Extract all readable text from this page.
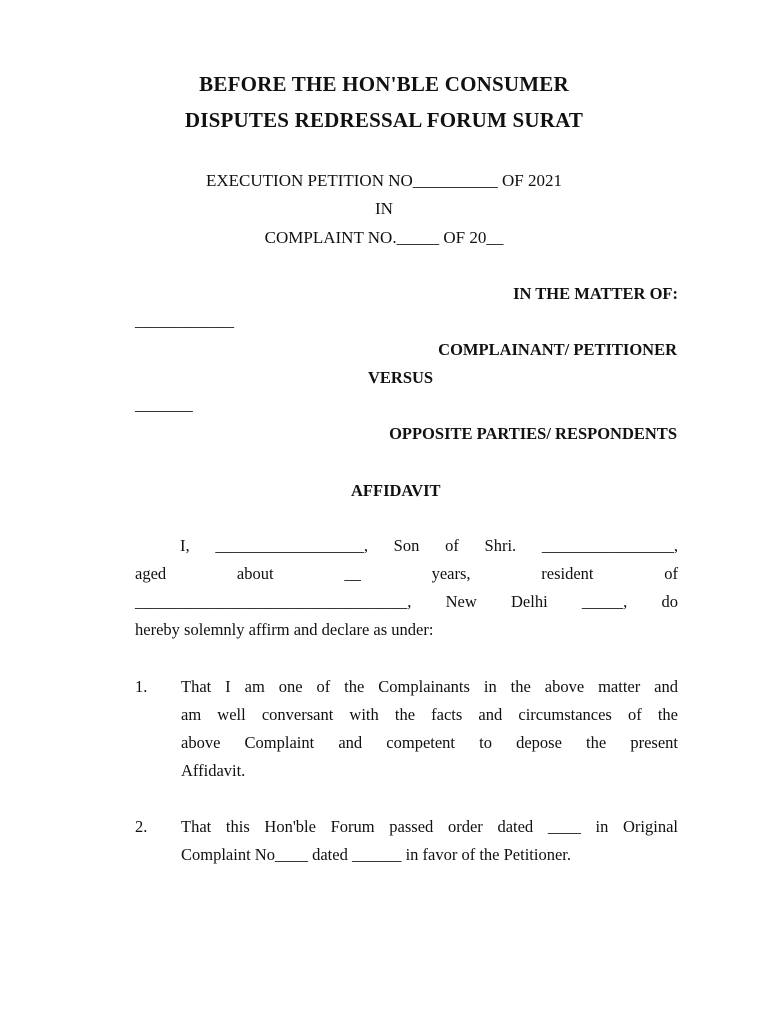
BEFORE THE HON'BLE CONSUMER
DISPUTES REDRESSAL FORUM SURAT
EXECUTION PETITION NO__________ OF 2021
IN
COMPLAINT NO._____ OF 20__
IN THE MATTER OF:
____________
COMPLAINANT/ PETITIONER
VERSUS
_______
OPPOSITE PARTIES/ RESPONDENTS
AFFIDAVIT
I, __________________, Son of Shri. ________________,
aged about __ years, resident of
_________________________________, New Delhi _____, do
hereby solemnly affirm and declare as under:
1. That I am one of the Complainants in the above matter and
am well conversant with the facts and circumstances of the
above Complaint and competent to depose the present
Affidavit.
2. That this Hon'ble Forum passed order dated ____ in Original
Complaint No____ dated ______ in favor of the Petitioner.
